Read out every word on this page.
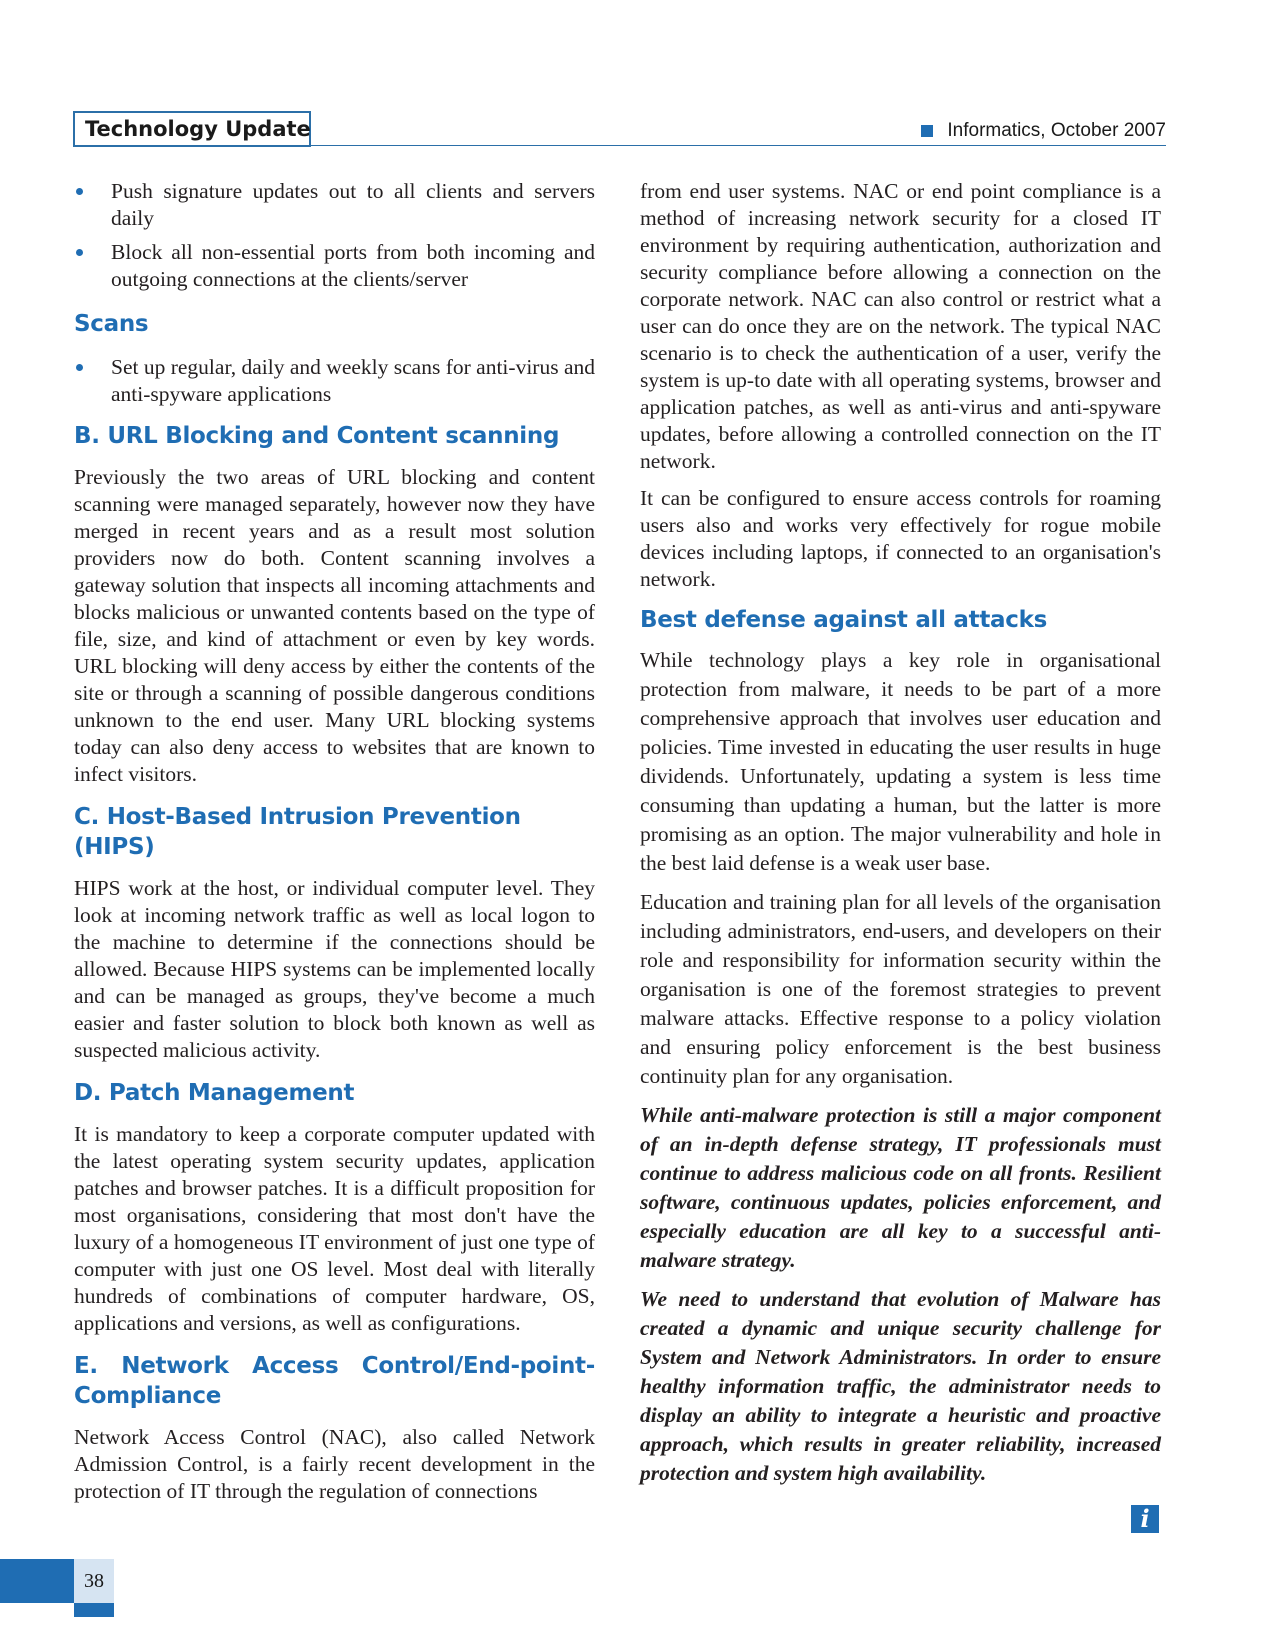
Technology Update	Informatics, October 2007
Push signature updates out to all clients and servers daily
Block all non-essential ports from both incoming and outgoing connections at the clients/server
Scans
Set up regular, daily and weekly scans for anti-virus and anti-spyware applications
B. URL Blocking and Content scanning

Previously the two areas of URL blocking and content scanning were managed separately, however now they have merged in recent years and as a result most solution providers now do both. Content scanning involves a gateway solution that inspects all incoming attachments and blocks malicious or unwanted contents based on the type of file, size, and kind of attachment or even by key words. URL blocking will deny access by either the contents of the site or through a scanning of possible dangerous conditions unknown to the end user. Many URL blocking systems today can also deny access to websites that are known to infect visitors.

C. Host-Based Intrusion Prevention (HIPS)

HIPS work at the host, or individual computer level. They look at incoming network traffic as well as local logon to the machine to determine if the connections should be allowed. Because HIPS systems can be implemented locally and can be managed as groups, they've become a much easier and faster solution to block both known as well as suspected malicious activity.

D. Patch Management

It is mandatory to keep a corporate computer updated with the latest operating system security updates, application patches and browser patches. It is a difficult proposition for most organisations, considering that most don't have the luxury of a homogeneous IT environment of just one type of computer with just one OS level. Most deal with literally hundreds of combinations of computer hardware, OS, applications and versions, as well as configurations.

E. Network Access Control/End-point-Compliance

Network Access Control (NAC), also called Network Admission Control, is a fairly recent development in the protection of IT through the regulation of connections

from end user systems. NAC or end point compliance is a method of increasing network security for a closed IT environment by requiring authentication, authorization and security compliance before allowing a connection on the corporate network. NAC can also control or restrict what a user can do once they are on the network. The typical NAC scenario is to check the authentication of a user, verify the system is up-to date with all operating systems, browser and application patches, as well as anti-virus and anti-spyware updates, before allowing a controlled connection on the IT network.

It can be configured to ensure access controls for roaming users also and works very effectively for rogue mobile devices including laptops, if connected to an organisation's network.

Best defense against all attacks

While technology plays a key role in organisational protection from malware, it needs to be part of a more comprehensive approach that involves user education and policies. Time invested in educating the user results in huge dividends. Unfortunately, updating a system is less time consuming than updating a human, but the latter is more promising as an option. The major vulnerability and hole in the best laid defense is a weak user base.

Education and training plan for all levels of the organisation including administrators, end-users, and developers on their role and responsibility for information security within the organisation is one of the foremost strategies to prevent malware attacks. Effective response to a policy violation and ensuring policy enforcement is the best business continuity plan for any organisation.

While anti-malware protection is still a major component of an in-depth defense strategy, IT professionals must continue to address malicious code on all fronts. Resilient software, continuous updates, policies enforcement, and especially education are all key to a successful anti-malware strategy.

We need to understand that evolution of Malware has created a dynamic and unique security challenge for System and Network Administrators. In order to ensure healthy information traffic, the administrator needs to display an ability to integrate a heuristic and proactive approach, which results in greater reliability, increased protection and system high availability.

i
38
